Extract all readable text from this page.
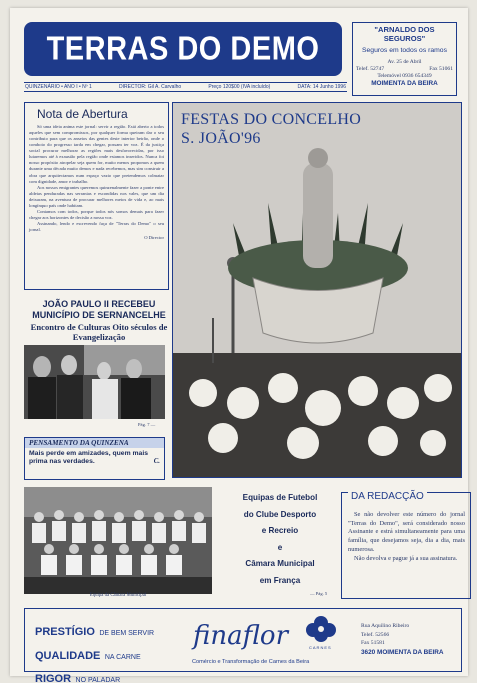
TERRAS DO DEMO
"ARNALDO DOS SEGUROS"
Seguros em todos os ramos
Av. 25 de Abril
Telef. 52747	Fax 51061
Telemóvel 0936 654349
MOIMENTA DA BEIRA
QUINZENÁRIO • ANO I • Nº 1	DIRECTOR: Gil A. Carvalho	Preço 120$00 (IVA incluído)	DATA: 14 Junho 1996
Nota de Abertura

Só uma ideia anima este jornal: servir a região. Está aberto a todos aqueles que sem compromissos, por qualquer forma queiram dar o seu contributo para que os anseios das gentes deste interior beirão, onde o comboio do progresso tarda em chegar, possam ter voz. É da justiça social procurar melhorar as regiões mais desfavorecidas, por isso lutaremos até à exaustão pela região onde estamos inseridos. Nunca foi nosso propósito atropelar seja quem for, muito menos propomos a quem durante uma década muito demos e nada recebemos, mas sim construir a obra que arquitectamos num espaço vazio que pretendemos colmatar com dignidade, amor e trabalho.

Aos nossos emigrantes queremos quinzenalmente fazer a ponte entre aldeias penduradas nas serranias e escondidas nos vales, que um dia deixaram, na aventura de procurar melhores meios de vida e, ao mais longínquo país onde habitam.

Contamos com todos, porque todos nós somos demais para fazer chegar aos horizontes de decisão a nossa voz.

Assinando, lendo e escrevendo faça de "Terras do Demo" o seu jornal.

O Director
JOÃO PAULO II RECEBEU MUNICÍPIO DE SERNANCELHE
Encontro de Culturas Oito séculos de Evangelização
Pág. 7 —
PENSAMENTO DA QUINZENA
Mais perde em amizades, quem mais prima nas verdades.	C.
FESTAS DO CONCELHO
S. JOÃO'96
Equipa da Câmara Municipal
Equipas de Futebol
do Clube Desporto
e Recreio
e
Câmara Municipal
em França
— Pág. 5
DA REDACÇÃO

Se não devolver este número do jornal "Terras do Demo", será considerado nosso Assinante e estrá simultaneamente para uma família, que desejamos seja, dia a dia, mais numerosa.

Não devolva e pague já a sua assinatura.

PRESTÍGIO DE BEM SERVIR
QUALIDADE NA CARNE
RIGOR NO PALADAR
finaflor	CARNES
Comércio e Transformação de Carnes da Beira
Rua Aquilino Ribeiro
Telef. 52566
Fax 51581
3620 MOIMENTA DA BEIRA
